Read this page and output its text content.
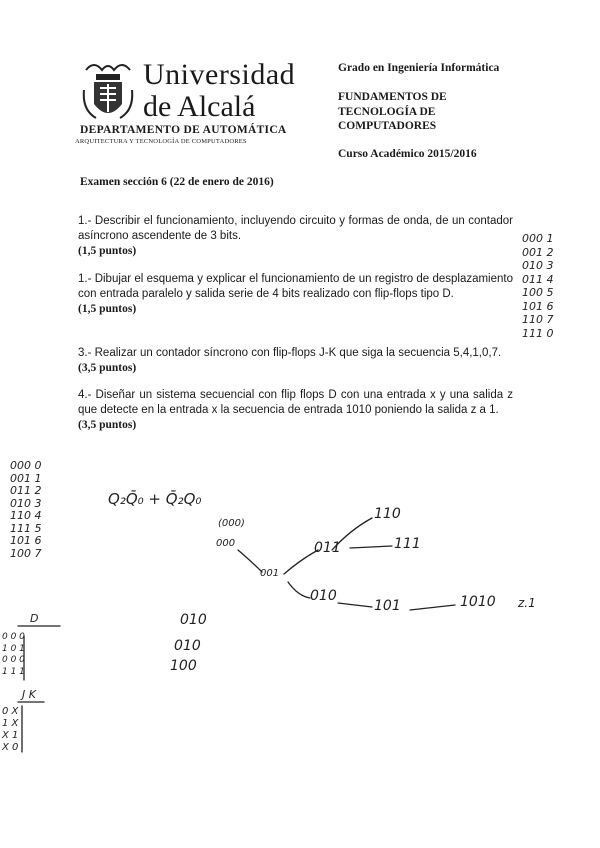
Universidad
de Alcalá
DEPARTAMENTO DE AUTOMÁTICA
ARQUITECTURA Y TECNOLOGÍA DE COMPUTADORES
Grado en Ingeniería Informática
FUNDAMENTOS DE TECNOLOGÍA DE COMPUTADORES
Curso Académico 2015/2016
Examen sección 6 (22 de enero de 2016)
1.- Describir el funcionamiento, incluyendo circuito y formas de onda, de un contador asíncrono ascendente de 3 bits.
(1,5 puntos)
1.- Dibujar el esquema y explicar el funcionamiento de un registro de desplazamiento con entrada paralelo y salida serie de 4 bits realizado con flip-flops tipo D.
(1,5 puntos)
3.- Realizar un contador síncrono con flip-flops J-K que siga la secuencia 5,4,1,0,7.
(3,5 puntos)
4.- Diseñar un sistema secuencial con flip flops D con una entrada x y una salida z que detecte en la entrada x la secuencia de entrada 1010 poniendo la salida z a 1.
(3,5 puntos)
000 1
001 2
010 3
011 4
100 5
101 6
110 7
111 0
000 0
001 1
011 2
010 3
110 4
111 5
101 6
100 7
Q₂Q̄₀ + Q̄₂Q₀
(000)
000
001
011
110
111
010
101	1010 z.1
010
010
100
D
0 0 0
1 0 1
0 0 0
1 1 1
J K
0 X
1 X
X 1
X 0
